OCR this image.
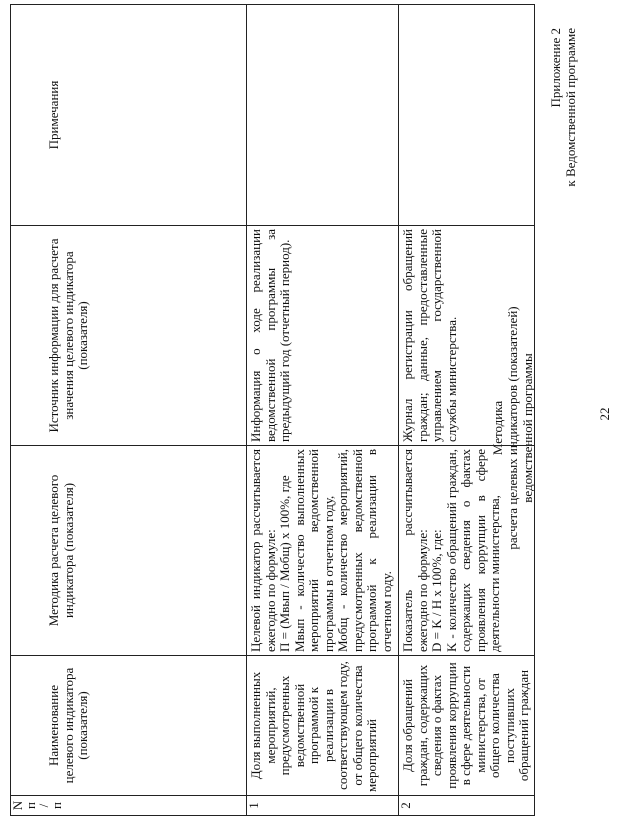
22
Приложение 2 к Ведомственной программе
Методика расчета целевых индикаторов (показателей) ведомственной программы
N
п
/
п	Наименование целевого индикатора (показателя)	Методика расчета целевого индикатора (показателя)	Источник информации для расчета значения целевого индикатора (показателя)	Примечания
1	Доля выполненных мероприятий, предусмотренных ведомственной программой к реализации в соответствующем году, от общего количества мероприятий	Целевой индикатор рассчитывается ежегодно по формуле: П = (Мвып / Мобщ) x 100%, где Мвып - количество выполненных мероприятий ведомственной программы в отчетном году, Мобщ - количество мероприятий, предусмотренных ведомственной программой к реализации в отчетном году.	Информация о ходе реализации ведомственной программы за предыдущий год (отчетный период).	
2	Доля обращений граждан, содержащих сведения о фактах проявления коррупции в сфере деятельности министерства, от общего количества поступивших обращений граждан	Показатель рассчитывается ежегодно по формуле: D = K / H x 100%, где: K - количество обращений граждан, содержащих сведения о фактах проявления коррупции в сфере деятельности министерства,	Журнал регистрации обращений граждан; данные, предоставленные управлением государственной службы министерства.	
